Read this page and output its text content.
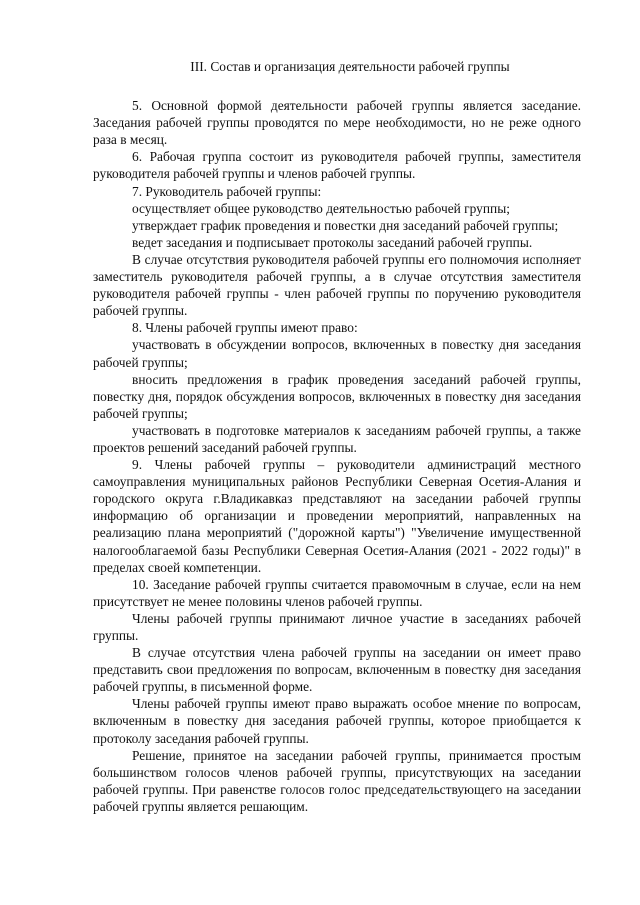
III. Состав и организация деятельности рабочей группы

5. Основной формой деятельности рабочей группы является заседание. Заседания рабочей группы проводятся по мере необходимости, но не реже одного раза в месяц.

6. Рабочая группа состоит из руководителя рабочей группы, заместителя руководителя рабочей группы и членов рабочей группы.

7. Руководитель рабочей группы:

осуществляет общее руководство деятельностью рабочей группы;

утверждает график проведения и повестки дня заседаний рабочей группы;

ведет заседания и подписывает протоколы заседаний рабочей группы.

В случае отсутствия руководителя рабочей группы его полномочия исполняет заместитель руководителя рабочей группы, а в случае отсутствия заместителя руководителя рабочей группы - член рабочей группы по поручению руководителя рабочей группы.

8. Члены рабочей группы имеют право:

участвовать в обсуждении вопросов, включенных в повестку дня заседания рабочей группы;

вносить предложения в график проведения заседаний рабочей группы, повестку дня, порядок обсуждения вопросов, включенных в повестку дня заседания рабочей группы;

участвовать в подготовке материалов к заседаниям рабочей группы, а также проектов решений заседаний рабочей группы.

9. Члены рабочей группы – руководители администраций местного самоуправления муниципальных районов Республики Северная Осетия-Алания и городского округа г.Владикавказ представляют на заседании рабочей группы информацию об организации и проведении мероприятий, направленных на реализацию плана мероприятий ("дорожной карты") "Увеличение имущественной налогооблагаемой базы Республики Северная Осетия-Алания (2021 - 2022 годы)" в пределах своей компетенции.

10. Заседание рабочей группы считается правомочным в случае, если на нем присутствует не менее половины членов рабочей группы.

Члены рабочей группы принимают личное участие в заседаниях рабочей группы.

В случае отсутствия члена рабочей группы на заседании он имеет право представить свои предложения по вопросам, включенным в повестку дня заседания рабочей группы, в письменной форме.

Члены рабочей группы имеют право выражать особое мнение по вопросам, включенным в повестку дня заседания рабочей группы, которое приобщается к протоколу заседания рабочей группы.

Решение, принятое на заседании рабочей группы, принимается простым большинством голосов членов рабочей группы, присутствующих на заседании рабочей группы. При равенстве голосов голос председательствующего на заседании рабочей группы является решающим.
